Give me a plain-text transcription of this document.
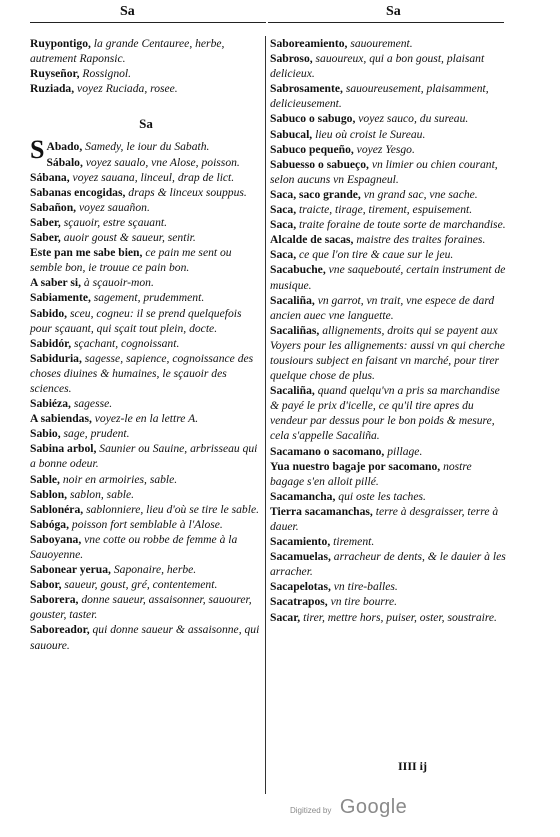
Sa	Sa
Ruypontigo, la grande Centauree, herbe, autrement Raponsic.
Ruyseñor, Rossignol.
Ruziada, voyez Ruciada, rosee.
Sa
SAbado, Samedy, le iour du Sabath.
Sábalo, voyez saualo, vne Alose, poisson.
Sábana, voyez sauana, linceul, drap de lict.
Sabanas encogidas, draps & linceux souppus.
Sabañon, voyez sauañon.
Saber, sçauoir, estre sçauant.
Saber, auoir goust & saueur, sentir.
Este pan me sabe bien, ce pain me sent ou semble bon, ie trouue ce pain bon.
A saber si, à sçauoir-mon.
Sabiamente, sagement, prudemment.
Sabido, sceu, cogneu: il se prend quelquefois pour sçauant, qui sçait tout plein, docte.
Sabidór, sçachant, cognoissant.
Sabiduria, sagesse, sapience, cognoissance des choses diuines & humaines, le sçauoir des sciences.
Sabiéza, sagesse.
A sabiendas, voyez-le en la lettre A.
Sabio, sage, prudent.
Sabina arbol, Saunier ou Sauine, arbrisseau qui a bonne odeur.
Sable, noir en armoiries, sable.
Sablon, sablon, sable.
Sablonéra, sablonniere, lieu d'où se tire le sable.
Sabóga, poisson fort semblable à l'Alose.
Saboyana, vne cotte ou robbe de femme à la Sauoyenne.
Sabonear yerua, Saponaire, herbe.
Sabor, saueur, goust, gré, contentement.
Saborera, donne saueur, assaisonner, sauourer, gouster, taster.
Saboreador, qui donne saueur & assaisonne, qui sauoure.
Saboreamiento, sauourement.
Sabroso, sauoureux, qui a bon goust, plaisant delicieux.
Sabrosamente, sauoureusement, plaisamment, delicieusement.
Sabuco o sabugo, voyez sauco, du sureau.
Sabucal, lieu où croist le Sureau.
Sabuco pequeño, voyez Yesgo.
Sabuesso o sabueço, vn limier ou chien courant, selon aucuns vn Espagneul.
Saca, saco grande, vn grand sac, vne sache.
Saca, traicte, tirage, tirement, espuisement.
Saca, traite foraine de toute sorte de marchandise.
Alcalde de sacas, maistre des traites foraines.
Saca, ce que l'on tire & caue sur le jeu.
Sacabuche, vne saquebouté, certain instrument de musique.
Sacaliña, vn garrot, vn trait, vne espece de dard ancien auec vne languette.
Sacaliñas, allignements, droits qui se payent aux Voyers pour les allignements: aussi vn qui cherche tousiours subject en faisant vn marché, pour tirer quelque chose de plus.
Sacaliña, quand quelqu'vn a pris sa marchandise & payé le prix d'icelle, ce qu'il tire apres du vendeur par dessus pour le bon poids & mesure, cela s'appelle Sacaliña.
Sacamano o sacomano, pillage.
Yua nuestro bagaje por sacomano, nostre bagage s'en alloit pillé.
Sacamancha, qui oste les taches.
Tierra sacamanchas, terre à desgraisser, terre à dauer.
Sacamiento, tirement.
Sacamuelas, arracheur de dents, & le dauier à les arracher.
Sacapelotas, vn tire-balles.
Sacatrapos, vn tire bourre.
Sacar, tirer, mettre hors, puiser, oster, soustraire.
IIII ij
Digitized by Google
